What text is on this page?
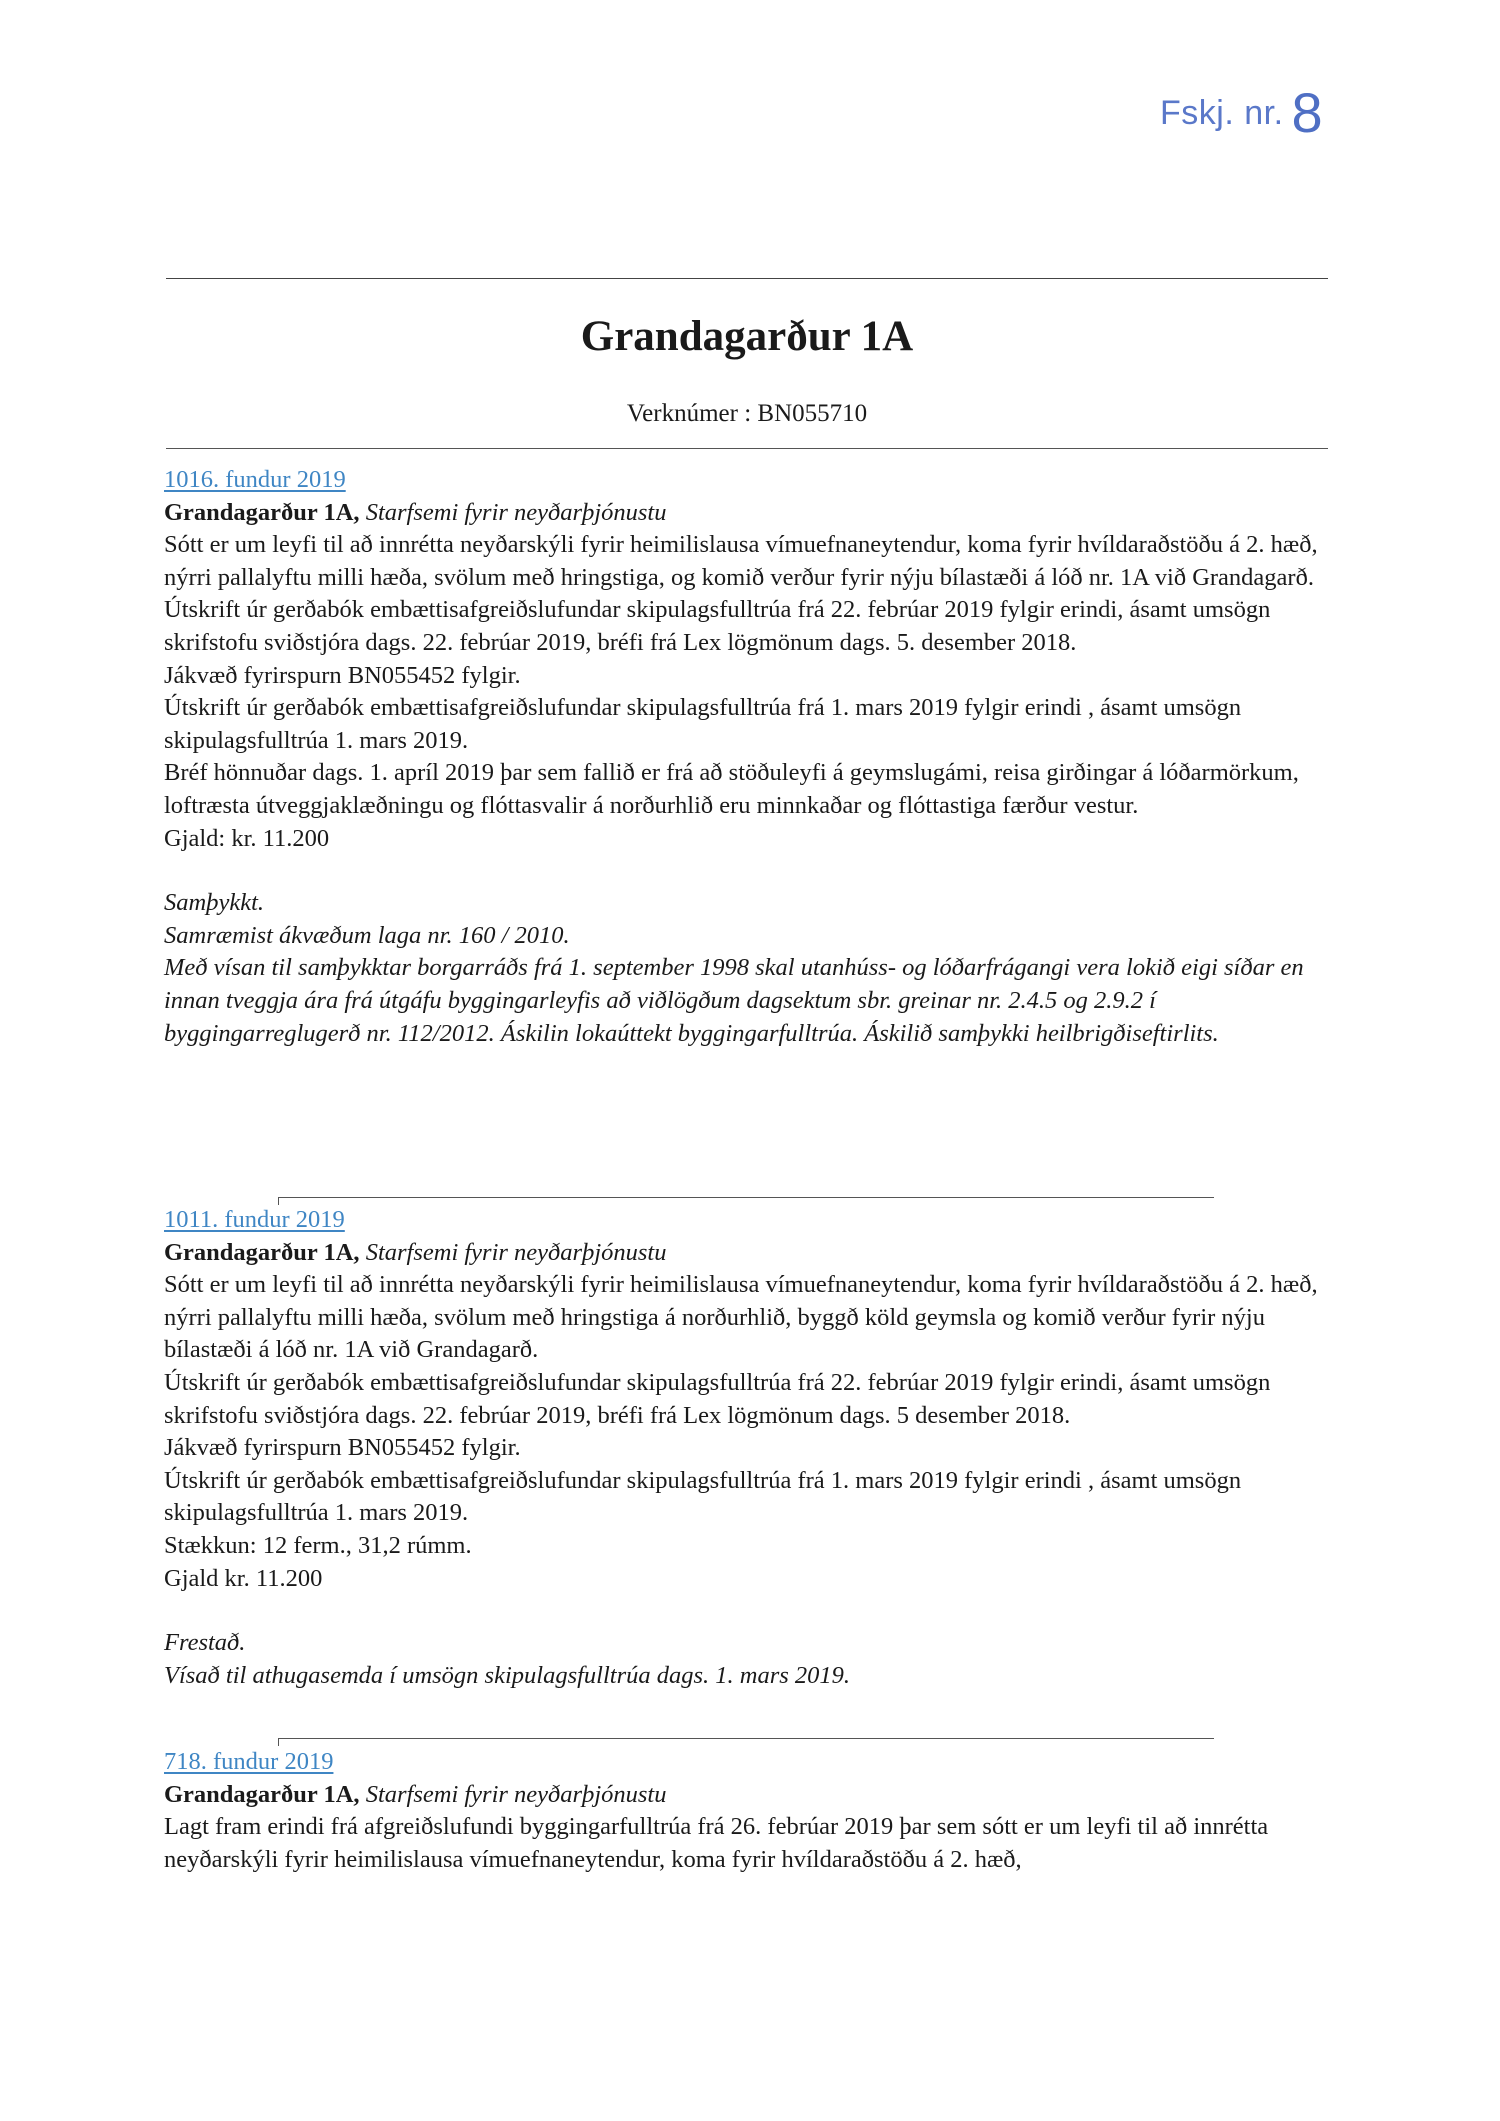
Fskj. nr. 8
Grandagarður 1A
Verknúmer : BN055710
1016. fundur 2019
Grandagarður 1A, Starfsemi fyrir neyðarþjónustu
Sótt er um leyfi til að innrétta neyðarskýli fyrir heimilislausa vímuefnaneytendur, koma fyrir hvíldaraðstöðu á 2. hæð, nýrri pallalyftu milli hæða, svölum með hringstiga, og komið verður fyrir nýju bílastæði á lóð nr. 1A við Grandagarð.
Útskrift úr gerðabók embættisafgreiðslufundar skipulagsfulltrúa frá 22. febrúar 2019 fylgir erindi, ásamt umsögn skrifstofu sviðstjóra dags. 22. febrúar 2019, bréfi frá Lex lögmönum dags. 5. desember 2018.
Jákvæð fyrirspurn BN055452 fylgir.
Útskrift úr gerðabók embættisafgreiðslufundar skipulagsfulltrúa frá 1. mars 2019 fylgir erindi , ásamt umsögn skipulagsfulltrúa 1. mars 2019.
Bréf hönnuðar dags. 1. apríl 2019 þar sem fallið er frá að stöðuleyfi á geymslugámi, reisa girðingar á lóðarmörkum, loftræsta útveggjaklæðningu og flóttasvalir á norðurhlið eru minnkaðar og flóttastiga færður vestur.
Gjald: kr. 11.200
Samþykkt.
Samræmist ákvæðum laga nr. 160 / 2010.
Með vísan til samþykktar borgarráðs frá 1. september 1998 skal utanhúss- og lóðarfrágangi vera lokið eigi síðar en innan tveggja ára frá útgáfu byggingarleyfis að viðlögðum dagsektum sbr. greinar nr. 2.4.5 og 2.9.2 í byggingarreglugerð nr. 112/2012. Áskilin lokaúttekt byggingarfulltrúa. Áskilið samþykki heilbrigðiseftirlits.
1011. fundur 2019
Grandagarður 1A, Starfsemi fyrir neyðarþjónustu
Sótt er um leyfi til að innrétta neyðarskýli fyrir heimilislausa vímuefnaneytendur, koma fyrir hvíldaraðstöðu á 2. hæð, nýrri pallalyftu milli hæða, svölum með hringstiga á norðurhlið, byggð köld geymsla og komið verður fyrir nýju bílastæði á lóð nr. 1A við Grandagarð.
Útskrift úr gerðabók embættisafgreiðslufundar skipulagsfulltrúa frá 22. febrúar 2019 fylgir erindi, ásamt umsögn skrifstofu sviðstjóra dags. 22. febrúar 2019, bréfi frá Lex lögmönum dags. 5 desember 2018.
Jákvæð fyrirspurn BN055452 fylgir.
Útskrift úr gerðabók embættisafgreiðslufundar skipulagsfulltrúa frá 1. mars 2019 fylgir erindi , ásamt umsögn skipulagsfulltrúa 1. mars 2019.
Stækkun: 12 ferm., 31,2 rúmm.
Gjald kr. 11.200
Frestað.
Vísað til athugasemda í umsögn skipulagsfulltrúa dags. 1. mars 2019.
718. fundur 2019
Grandagarður 1A, Starfsemi fyrir neyðarþjónustu
Lagt fram erindi frá afgreiðslufundi byggingarfulltrúa frá 26. febrúar 2019 þar sem sótt er um leyfi til að innrétta neyðarskýli fyrir heimilislausa vímuefnaneytendur, koma fyrir hvíldaraðstöðu á 2. hæð,
